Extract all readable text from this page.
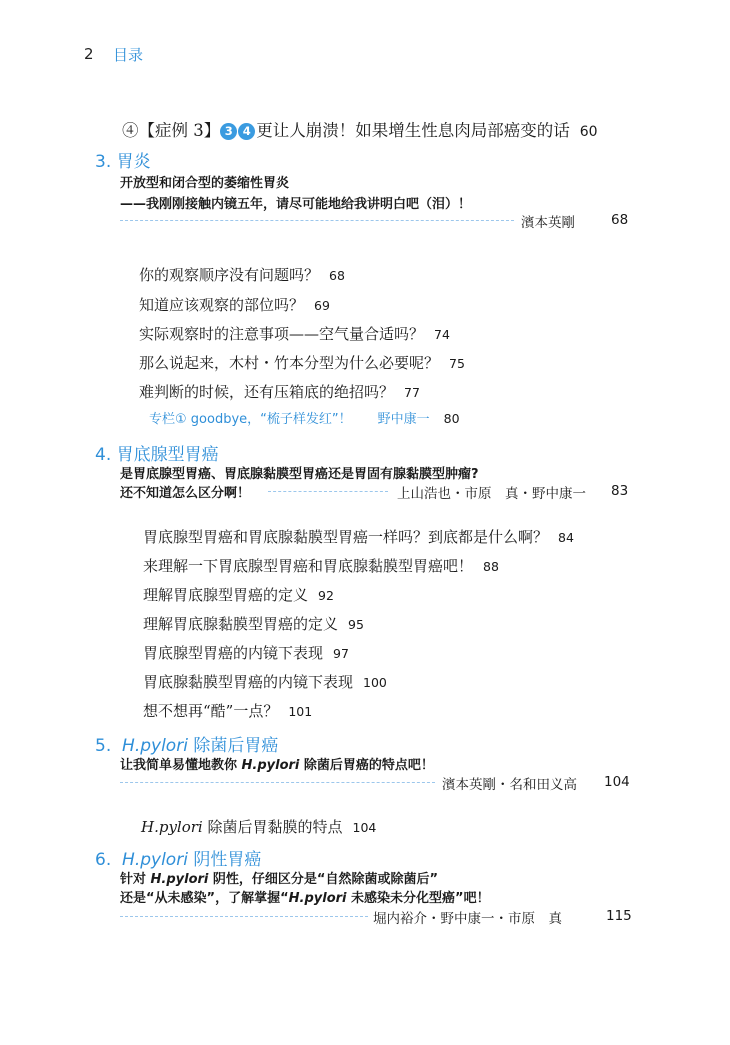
2 目录
④【症例 3】 3 4 更让人崩溃！如果增生性息肉局部癌变的话 60
3. 胃炎
开放型和闭合型的萎缩性胃炎
——我刚刚接触内镜五年，请尽可能地给我讲明白吧（泪）！
濱本英剛	68
你的观察顺序没有问题吗？ 68
知道应该观察的部位吗？ 69
实际观察时的注意事项——空气量合适吗？ 74
那么说起来，木村・竹本分型为什么必要呢？ 75
难判断的时候，还有压箱底的绝招吗？ 77
专栏① goodbye，“梳子样发红”！ 野中康一 80
4. 胃底腺型胃癌
是胃底腺型胃癌、胃底腺黏膜型胃癌还是胃固有腺黏膜型肿瘤?
还不知道怎么区分啊！	上山浩也・市原　真・野中康一 83
胃底腺型胃癌和胃底腺黏膜型胃癌一样吗？到底都是什么啊？ 84
来理解一下胃底腺型胃癌和胃底腺黏膜型胃癌吧！ 88
理解胃底腺型胃癌的定义 92
理解胃底腺黏膜型胃癌的定义 95
胃底腺型胃癌的内镜下表现 97
胃底腺黏膜型胃癌的内镜下表现 100
想不想再“酷”一点？ 101
5. H.pylori 除菌后胃癌
让我简单易懂地教你 H.pylori 除菌后胃癌的特点吧！
濱本英剛・名和田义高 104
H.pylori 除菌后胃黏膜的特点 104
6. H.pylori 阴性胃癌
针对 H.pylori 阴性，仔细区分是“自然除菌或除菌后”
还是“从未感染”，了解掌握“H.pylori 未感染未分化型癌”吧！
堀内裕介・野中康一・市原　真	115
